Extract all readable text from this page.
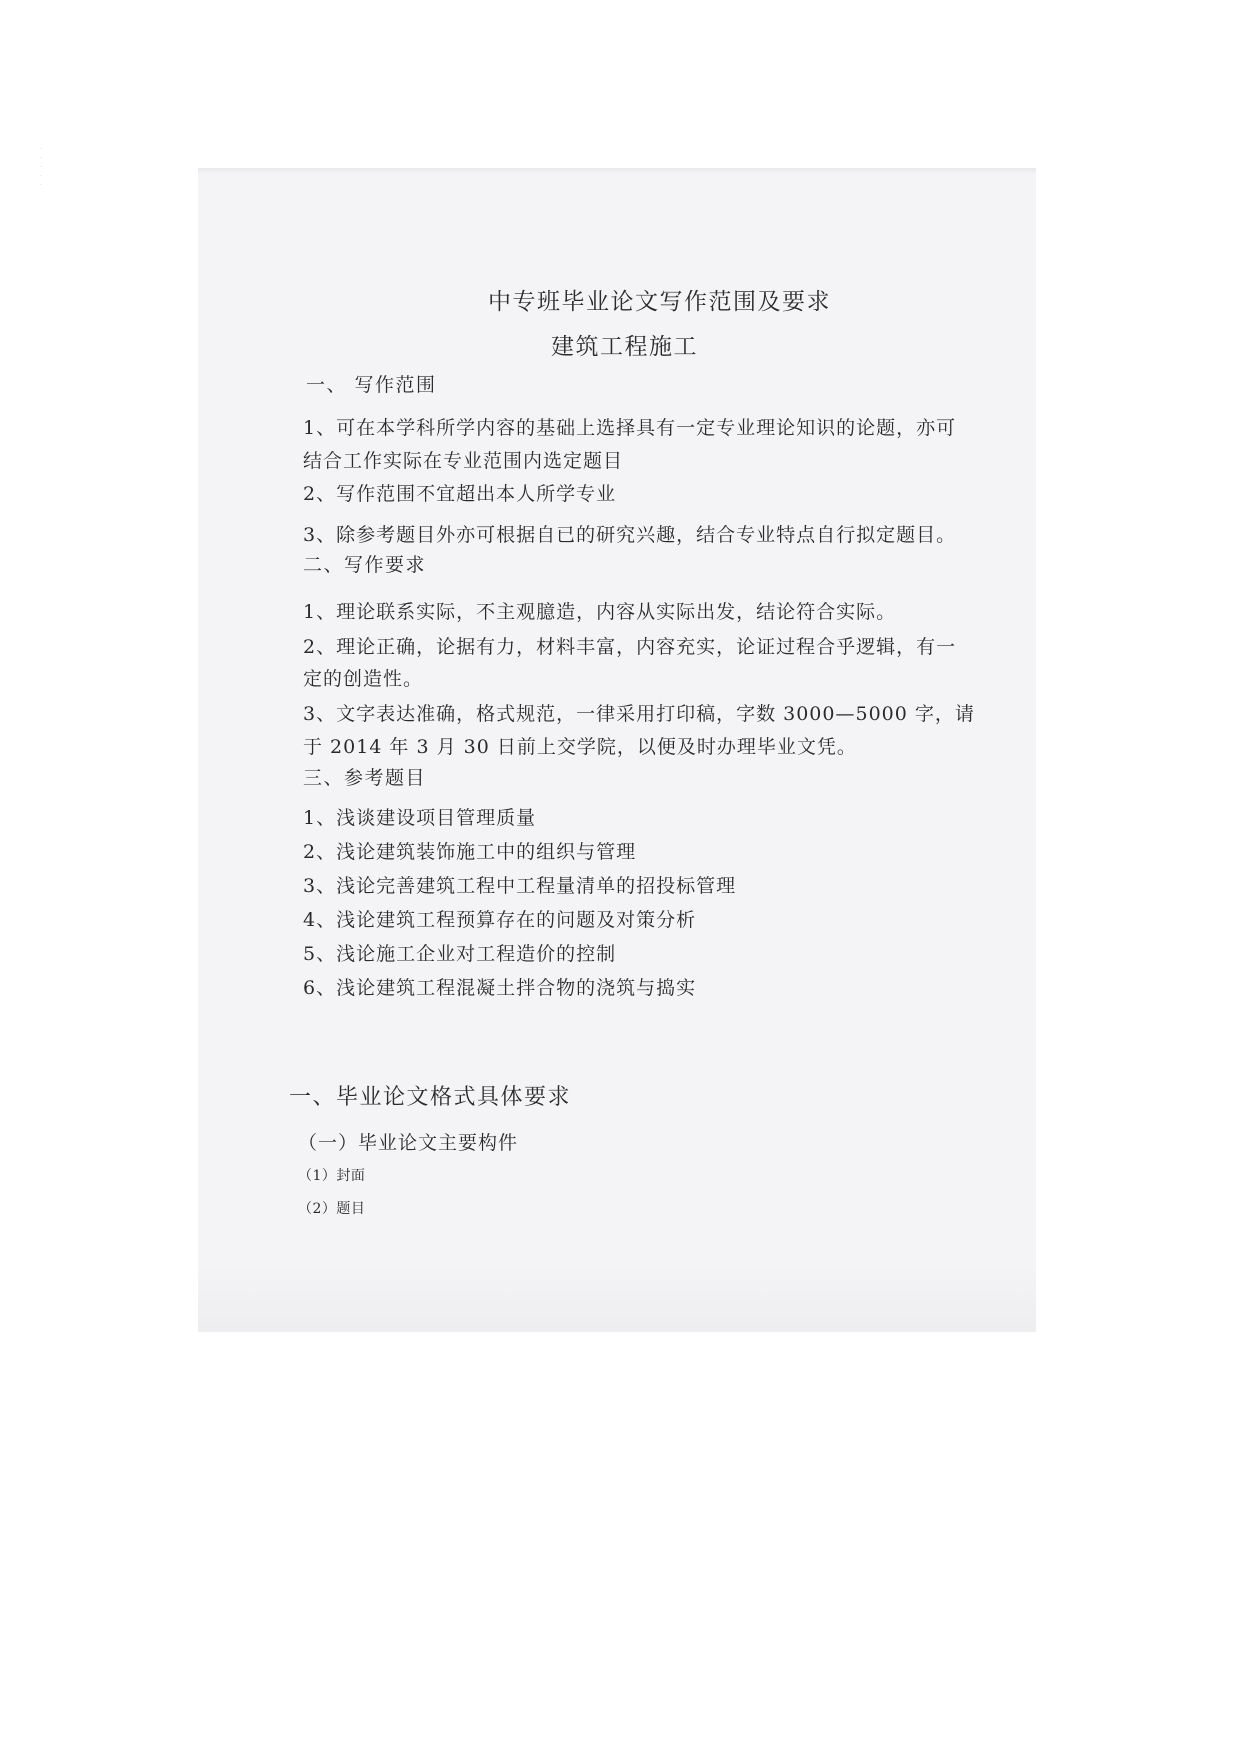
·
·
·
·
·
中专班毕业论文写作范围及要求
建筑工程施工
一、 写作范围
1、可在本学科所学内容的基础上选择具有一定专业理论知识的论题，亦可
结合工作实际在专业范围内选定题目
2、写作范围不宜超出本人所学专业
3、除参考题目外亦可根据自已的研究兴趣，结合专业特点自行拟定题目。
二、写作要求
1、理论联系实际，不主观臆造，内容从实际出发，结论符合实际。
2、理论正确，论据有力，材料丰富，内容充实，论证过程合乎逻辑，有一
定的创造性。
3、文字表达准确，格式规范，一律采用打印稿，字数 3000—5000 字，请
于 2014 年 3 月 30 日前上交学院，以便及时办理毕业文凭。
三、参考题目
1、浅谈建设项目管理质量
2、浅论建筑装饰施工中的组织与管理
3、浅论完善建筑工程中工程量清单的招投标管理
4、浅论建筑工程预算存在的问题及对策分析
5、浅论施工企业对工程造价的控制
6、浅论建筑工程混凝土拌合物的浇筑与捣实
一、毕业论文格式具体要求
（一）毕业论文主要构件
（1）封面
（2）题目
